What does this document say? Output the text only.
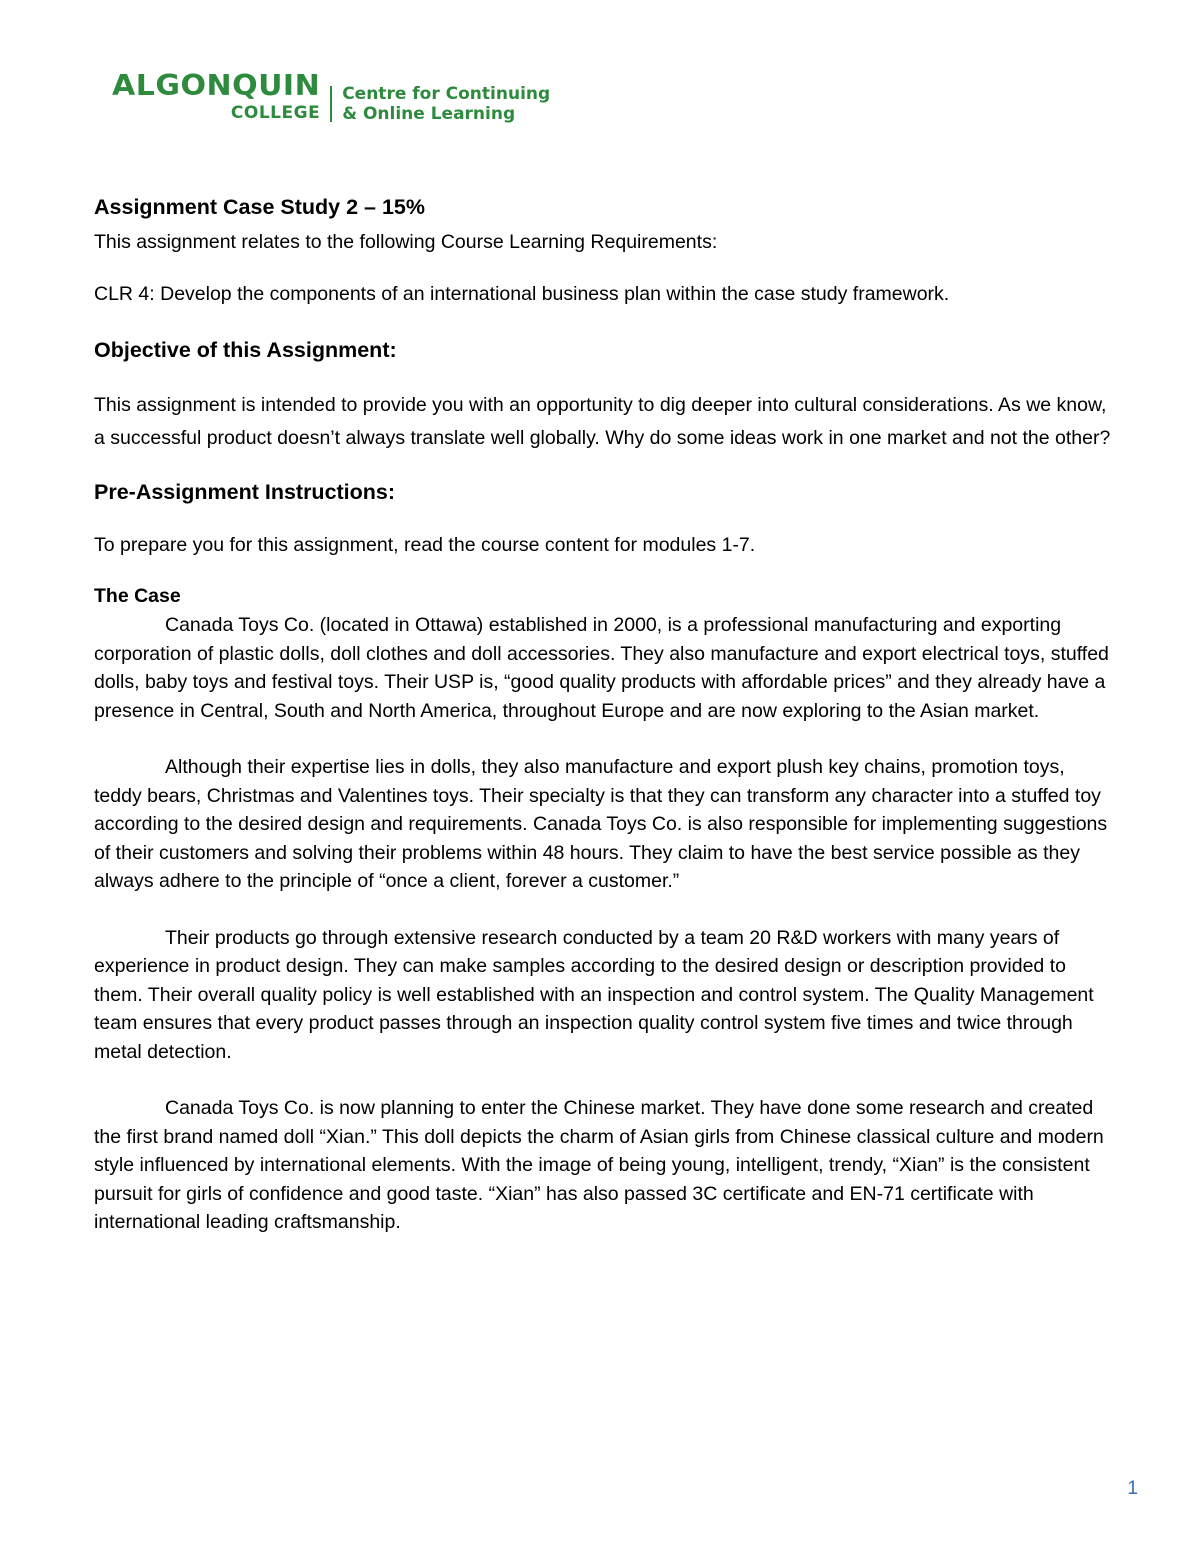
ALGONQUIN
COLLEGE
Centre for Continuing
& Online Learning
Assignment Case Study 2 – 15%

This assignment relates to the following Course Learning Requirements:

CLR 4: Develop the components of an international business plan within the case study framework.

Objective of this Assignment:

This assignment is intended to provide you with an opportunity to dig deeper into cultural considerations. As we know, a successful product doesn’t always translate well globally. Why do some ideas work in one market and not the other?

Pre-Assignment Instructions:

To prepare you for this assignment, read the course content for modules 1-7.

The Case

Canada Toys Co. (located in Ottawa) established in 2000, is a professional manufacturing and exporting corporation of plastic dolls, doll clothes and doll accessories. They also manufacture and export electrical toys, stuffed dolls, baby toys and festival toys. Their USP is, “good quality products with affordable prices” and they already have a presence in Central, South and North America, throughout Europe and are now exploring to the Asian market.

Although their expertise lies in dolls, they also manufacture and export plush key chains, promotion toys, teddy bears, Christmas and Valentines toys. Their specialty is that they can transform any character into a stuffed toy according to the desired design and requirements. Canada Toys Co. is also responsible for implementing suggestions of their customers and solving their problems within 48 hours. They claim to have the best service possible as they always adhere to the principle of “once a client, forever a customer.”

Their products go through extensive research conducted by a team 20 R&D workers with many years of experience in product design. They can make samples according to the desired design or description provided to them. Their overall quality policy is well established with an inspection and control system. The Quality Management team ensures that every product passes through an inspection quality control system five times and twice through metal detection.

Canada Toys Co. is now planning to enter the Chinese market. They have done some research and created the first brand named doll “Xian.” This doll depicts the charm of Asian girls from Chinese classical culture and modern style influenced by international elements. With the image of being young, intelligent, trendy, “Xian” is the consistent pursuit for girls of confidence and good taste. “Xian” has also passed 3C certificate and EN-71 certificate with international leading craftsmanship.

1
